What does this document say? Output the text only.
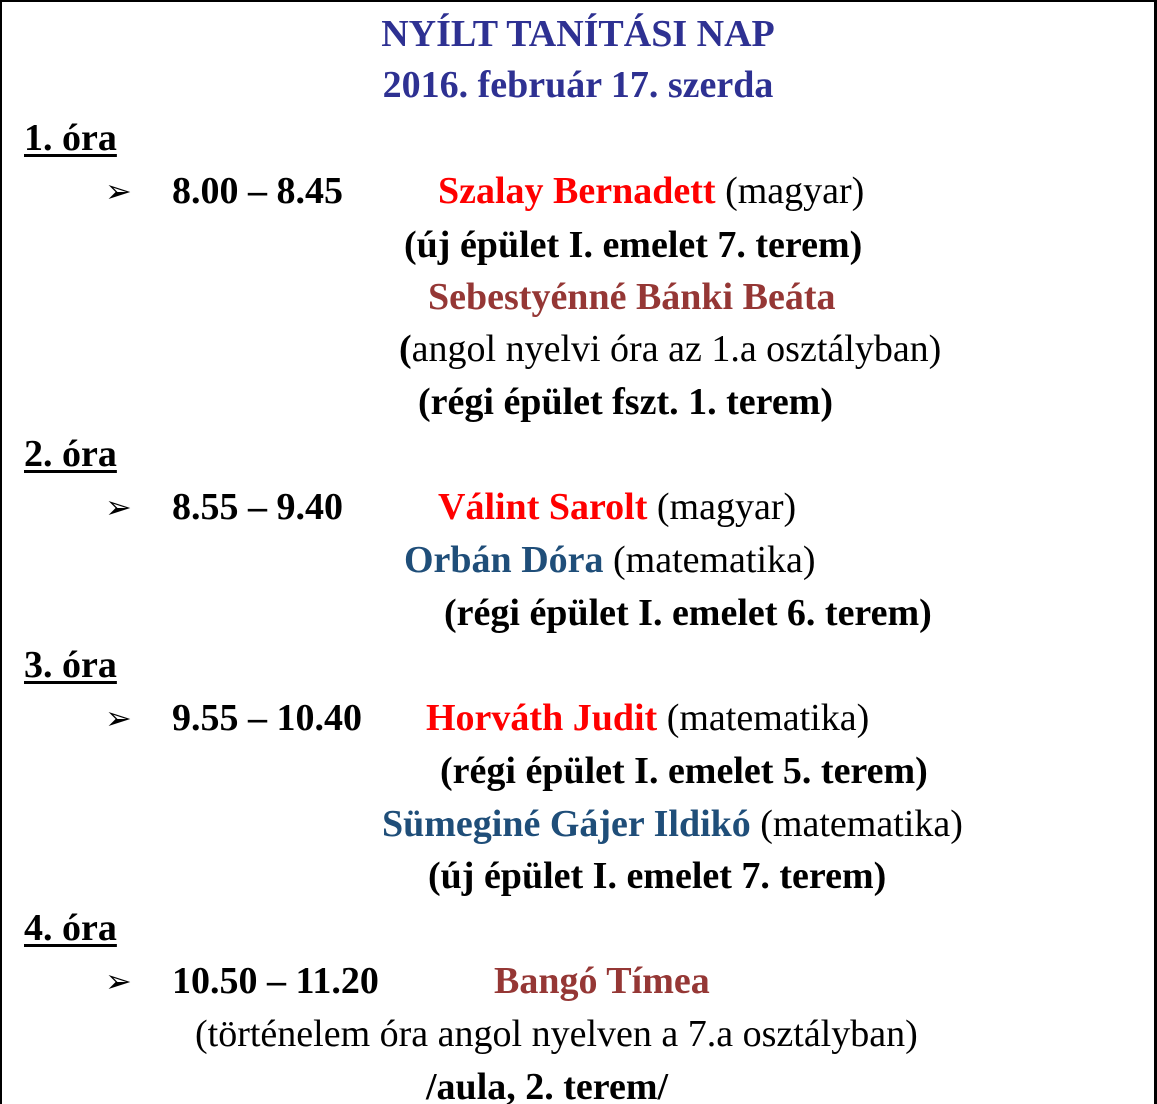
NYÍLT TANÍTÁSI NAP
2016. február 17. szerda
1. óra
➢ 8.00 – 8.45	Szalay Bernadett (magyar)
(új épület I. emelet 7. terem)
Sebestyénné Bánki Beáta
(angol nyelvi óra az 1.a osztályban)
(régi épület fszt. 1. terem)
2. óra
➢ 8.55 – 9.40	Válint Sarolt (magyar)
Orbán Dóra (matematika)
(régi épület I. emelet 6. terem)
3. óra
➢ 9.55 – 10.40 Horváth Judit (matematika)
(régi épület I. emelet 5. terem)
Sümeginé Gájer Ildikó (matematika)
(új épület I. emelet 7. terem)
4. óra
➢ 10.50 – 11.20	Bangó Tímea
(történelem óra angol nyelven a 7.a osztályban)
/aula, 2. terem/
